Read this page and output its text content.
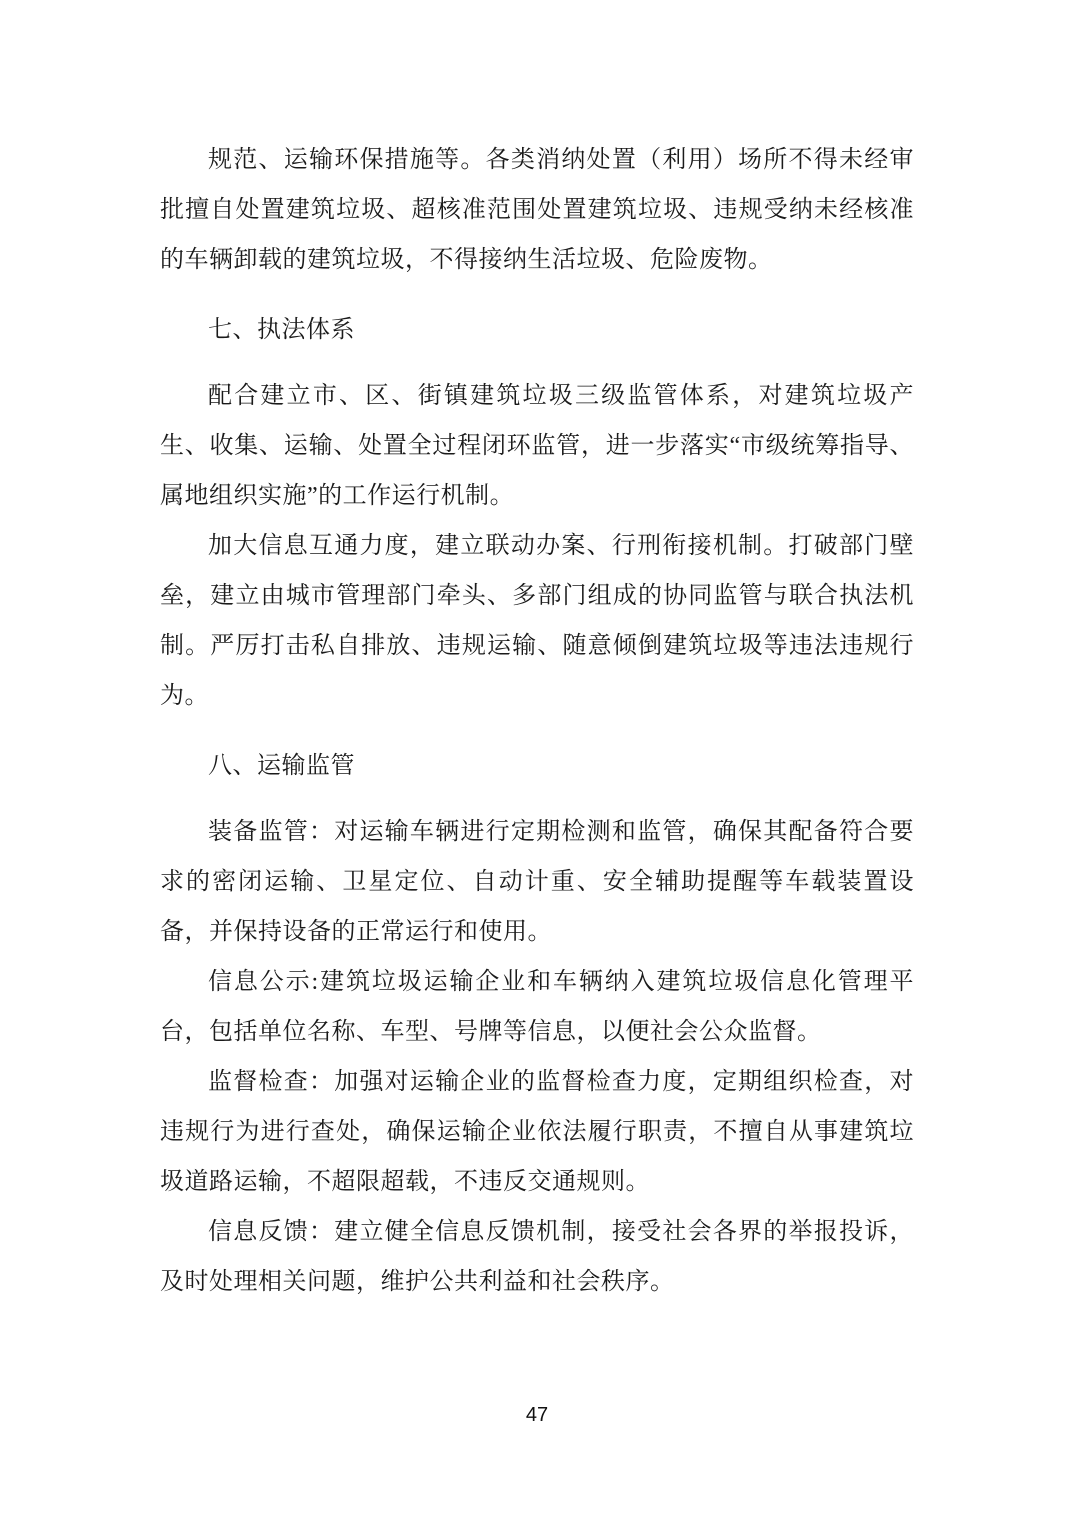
规范、运输环保措施等。各类消纳处置（利用）场所不得未经审批擅自处置建筑垃圾、超核准范围处置建筑垃圾、违规受纳未经核准的车辆卸载的建筑垃圾，不得接纳生活垃圾、危险废物。

七、执法体系

配合建立市、区、街镇建筑垃圾三级监管体系，对建筑垃圾产生、收集、运输、处置全过程闭环监管，进一步落实“市级统筹指导、属地组织实施”的工作运行机制。

加大信息互通力度，建立联动办案、行刑衔接机制。打破部门壁垒，建立由城市管理部门牵头、多部门组成的协同监管与联合执法机制。严厉打击私自排放、违规运输、随意倾倒建筑垃圾等违法违规行为。

八、运输监管

装备监管：对运输车辆进行定期检测和监管，确保其配备符合要求的密闭运输、卫星定位、自动计重、安全辅助提醒等车载装置设备，并保持设备的正常运行和使用。

信息公示:建筑垃圾运输企业和车辆纳入建筑垃圾信息化管理平台，包括单位名称、车型、号牌等信息，以便社会公众监督。

监督检查：加强对运输企业的监督检查力度，定期组织检查，对违规行为进行查处，确保运输企业依法履行职责，不擅自从事建筑垃圾道路运输，不超限超载，不违反交通规则。

信息反馈：建立健全信息反馈机制，接受社会各界的举报投诉，及时处理相关问题，维护公共利益和社会秩序。

47
